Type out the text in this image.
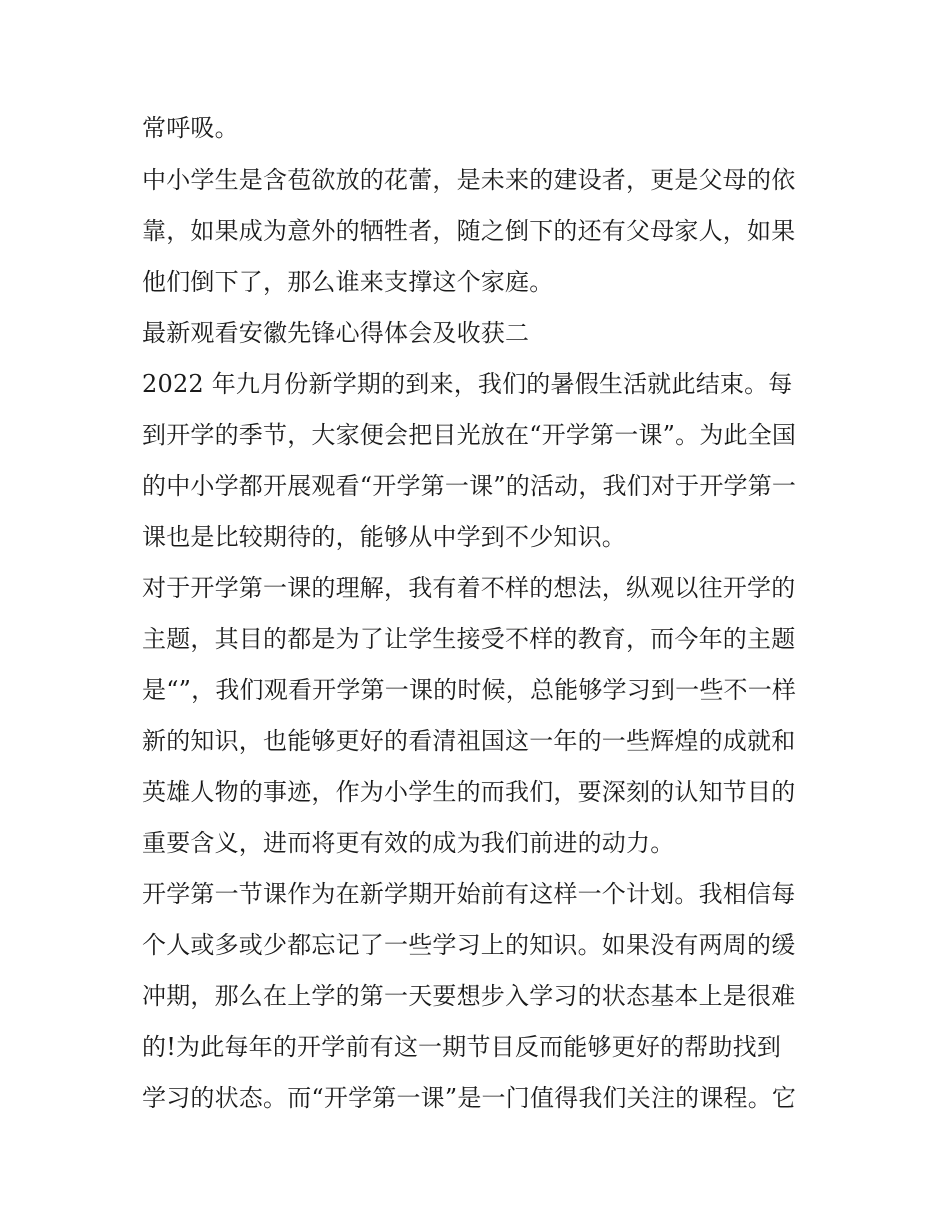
常呼吸。
中小学生是含苞欲放的花蕾，是未来的建设者，更是父母的依
靠，如果成为意外的牺牲者，随之倒下的还有父母家人，如果
他们倒下了，那么谁来支撑这个家庭。
最新观看安徽先锋心得体会及收获二
2022 年九月份新学期的到来，我们的暑假生活就此结束。每
到开学的季节，大家便会把目光放在“开学第一课”。为此全国
的中小学都开展观看“开学第一课”的活动，我们对于开学第一
课也是比较期待的，能够从中学到不少知识。
对于开学第一课的理解，我有着不样的想法，纵观以往开学的
主题，其目的都是为了让学生接受不样的教育，而今年的主题
是“”，我们观看开学第一课的时候，总能够学习到一些不一样
新的知识，也能够更好的看清祖国这一年的一些辉煌的成就和
英雄人物的事迹，作为小学生的而我们，要深刻的认知节目的
重要含义，进而将更有效的成为我们前进的动力。
开学第一节课作为在新学期开始前有这样一个计划。我相信每
个人或多或少都忘记了一些学习上的知识。如果没有两周的缓
冲期，那么在上学的第一天要想步入学习的状态基本上是很难
的!为此每年的开学前有这一期节目反而能够更好的帮助找到
学习的状态。而“开学第一课”是一门值得我们关注的课程。它
